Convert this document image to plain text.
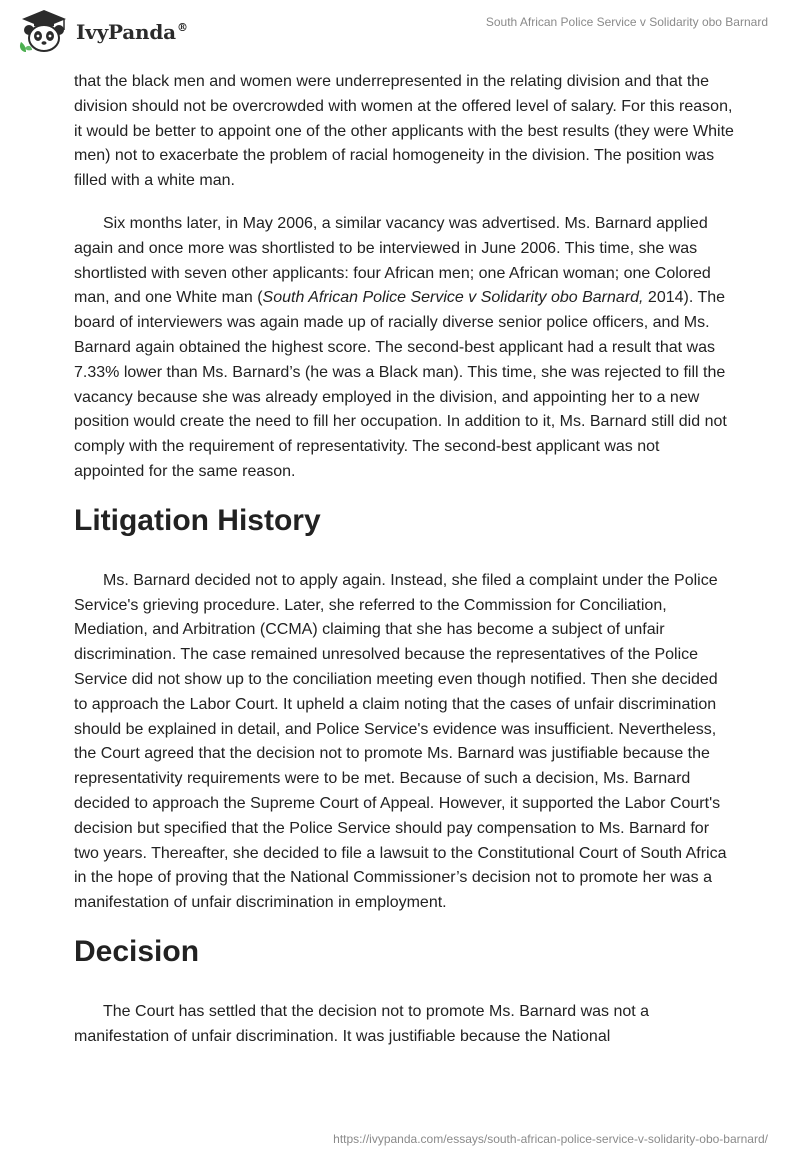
IvyPanda®	South African Police Service v Solidarity obo Barnard

that the black men and women were underrepresented in the relating division and that the division should not be overcrowded with women at the offered level of salary. For this reason, it would be better to appoint one of the other applicants with the best results (they were White men) not to exacerbate the problem of racial homogeneity in the division. The position was filled with a white man.

Six months later, in May 2006, a similar vacancy was advertised. Ms. Barnard applied again and once more was shortlisted to be interviewed in June 2006. This time, she was shortlisted with seven other applicants: four African men; one African woman; one Colored man, and one White man (South African Police Service v Solidarity obo Barnard, 2014). The board of interviewers was again made up of racially diverse senior police officers, and Ms. Barnard again obtained the highest score. The second-best applicant had a result that was 7.33% lower than Ms. Barnard’s (he was a Black man). This time, she was rejected to fill the vacancy because she was already employed in the division, and appointing her to a new position would create the need to fill her occupation. In addition to it, Ms. Barnard still did not comply with the requirement of representativity. The second-best applicant was not appointed for the same reason.

Litigation History

Ms. Barnard decided not to apply again. Instead, she filed a complaint under the Police Service's grieving procedure. Later, she referred to the Commission for Conciliation, Mediation, and Arbitration (CCMA) claiming that she has become a subject of unfair discrimination. The case remained unresolved because the representatives of the Police Service did not show up to the conciliation meeting even though notified. Then she decided to approach the Labor Court. It upheld a claim noting that the cases of unfair discrimination should be explained in detail, and Police Service's evidence was insufficient. Nevertheless, the Court agreed that the decision not to promote Ms. Barnard was justifiable because the representativity requirements were to be met. Because of such a decision, Ms. Barnard decided to approach the Supreme Court of Appeal. However, it supported the Labor Court's decision but specified that the Police Service should pay compensation to Ms. Barnard for two years. Thereafter, she decided to file a lawsuit to the Constitutional Court of South Africa in the hope of proving that the National Commissioner’s decision not to promote her was a manifestation of unfair discrimination in employment.

Decision

The Court has settled that the decision not to promote Ms. Barnard was not a manifestation of unfair discrimination. It was justifiable because the National

https://ivypanda.com/essays/south-african-police-service-v-solidarity-obo-barnard/
